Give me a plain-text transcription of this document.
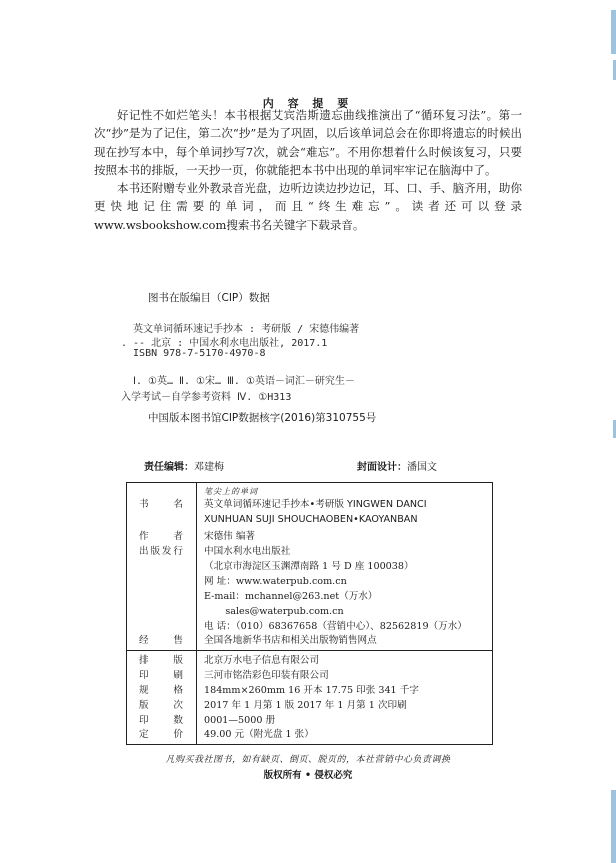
内 容 提 要

好记性不如烂笔头！本书根据艾宾浩斯遗忘曲线推演出了“循环复习法”。第一次“抄”是为了记住，第二次“抄”是为了巩固，以后该单词总会在你即将遗忘的时候出现在抄写本中，每个单词抄写7次，就会“难忘”。不用你想着什么时候该复习，只要按照本书的排版，一天抄一页，你就能把本书中出现的单词牢牢记在脑海中了。

本书还附赠专业外教录音光盘，边听边读边抄边记，耳、口、手、脑齐用，助你更快地记住需要的单词，而且“终生难忘”。读者还可以登录www.wsbookshow.com搜索书名关键字下载录音。

图书在版编目（CIP）数据
英文单词循环速记手抄本 : 考研版 / 宋德伟编著
. -- 北京 : 中国水利水电出版社, 2017.1
ISBN 978-7-5170-4970-8
Ⅰ. ①英… Ⅱ. ①宋… Ⅲ. ①英语－词汇－研究生－
入学考试－自学参考资料 Ⅳ. ①H313
中国版本图书馆CIP数据核字(2016)第310755号
责任编辑：邓建梅	封面设计：潘国文
笔尖上的单词
书名 英文单词循环速记手抄本•考研版 YINGWEN DANCI
XUNHUAN SUJI SHOUCHAOBEN•KAOYANBAN
作者 宋德伟 编著
出版发行 中国水利水电出版社
（北京市海淀区玉渊潭南路 1 号 D 座 100038）
网 址：www.waterpub.com.cn
E-mail：mchannel@263.net（万水）
sales@waterpub.com.cn
电 话：（010）68367658（营销中心）、82562819（万水）
经售 全国各地新华书店和相关出版物销售网点
排版 北京万水电子信息有限公司
印刷 三河市铭浩彩色印装有限公司
规格 184mm×260mm 16 开本 17.75 印张 341 千字
版次 2017 年 1 月第 1 版 2017 年 1 月第 1 次印刷
印数 0001—5000 册
定价 49.00 元（附光盘 1 张）
凡购买我社图书，如有缺页、倒页、脱页的，本社营销中心负责调换
版权所有 • 侵权必究
